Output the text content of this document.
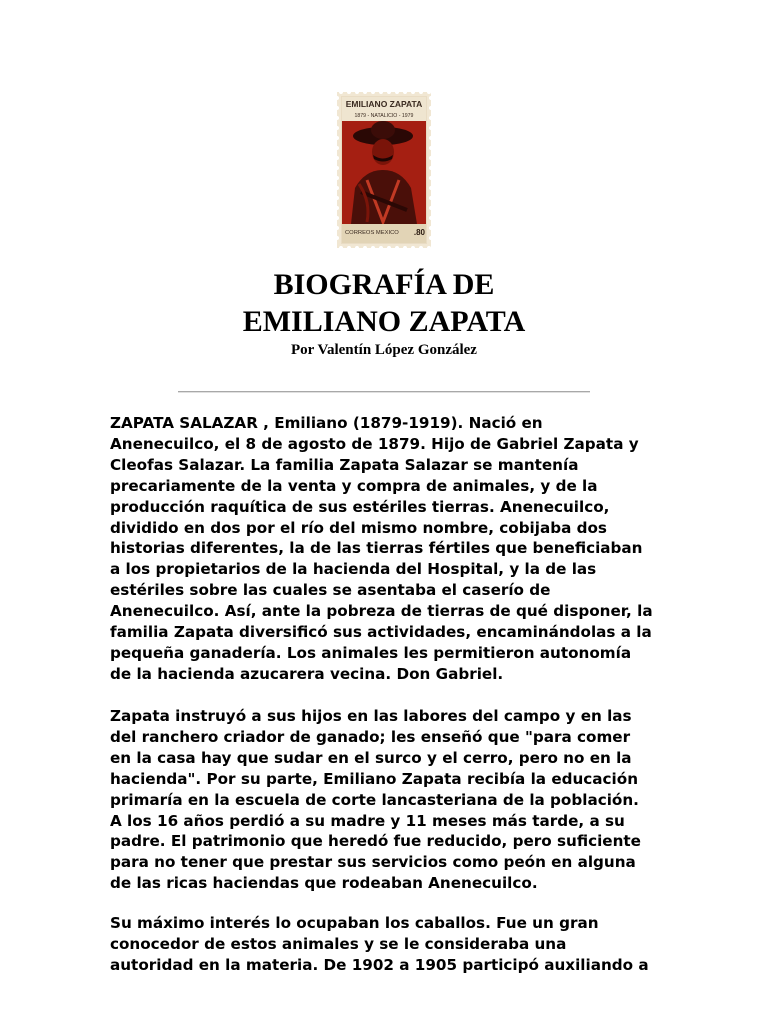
EMILIANO ZAPATA
1879 - NATALICIO - 1979
CORREOS MEXICO .80
BIOGRAFÍA DE
EMILIANO ZAPATA
Por Valentín López González

ZAPATA SALAZAR , Emiliano (1879-1919). Nació en
Anenecuilco, el 8 de agosto de 1879. Hijo de Gabriel Zapata y
Cleofas Salazar. La familia Zapata Salazar se mantenía
precariamente de la venta y compra de animales, y de la
producción raquítica de sus estériles tierras. Anenecuilco,
dividido en dos por el río del mismo nombre, cobijaba dos
historias diferentes, la de las tierras fértiles que beneficiaban
a los propietarios de la hacienda del Hospital, y la de las
estériles sobre las cuales se asentaba el caserío de
Anenecuilco. Así, ante la pobreza de tierras de qué disponer, la
familia Zapata diversificó sus actividades, encaminándolas a la
pequeña ganadería. Los animales les permitieron autonomía
de la hacienda azucarera vecina. Don Gabriel.

Zapata instruyó a sus hijos en las labores del campo y en las
del ranchero criador de ganado; les enseñó que "para comer
en la casa hay que sudar en el surco y el cerro, pero no en la
hacienda". Por su parte, Emiliano Zapata recibía la educación
primaría en la escuela de corte lancasteriana de la población.
A los 16 años perdió a su madre y 11 meses más tarde, a su
padre. El patrimonio que heredó fue reducido, pero suficiente
para no tener que prestar sus servicios como peón en alguna
de las ricas haciendas que rodeaban Anenecuilco.

Su máximo interés lo ocupaban los caballos. Fue un gran
conocedor de estos animales y se le consideraba una
autoridad en la materia. De 1902 a 1905 participó auxiliando a
